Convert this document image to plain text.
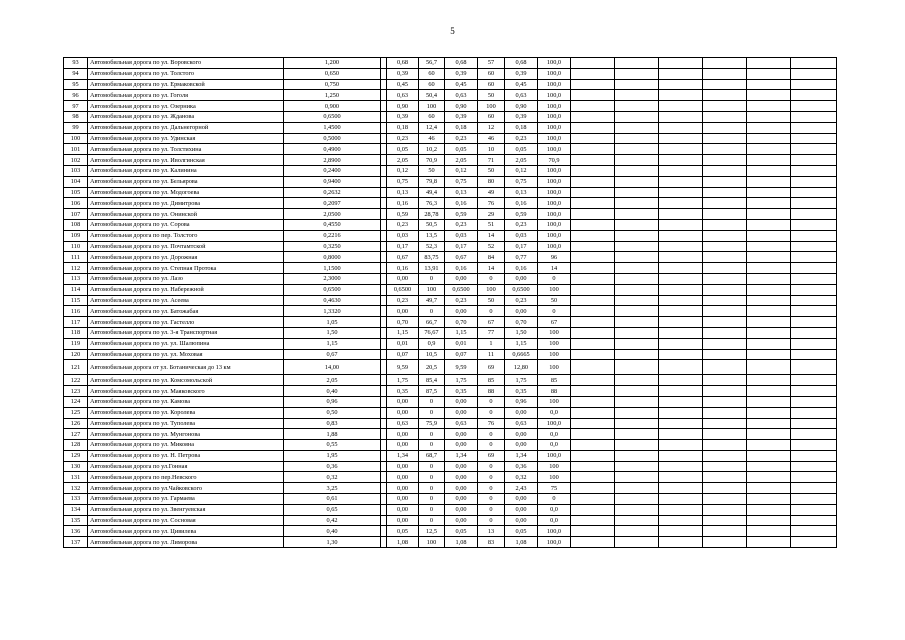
5
93	Автомобильная дорога по ул. Воровского	1,200		0,68	56,7	0,68	57	0,68	100,0						
94	Автомобильная дорога по ул. Толстого	0,650		0,39	60	0,39	60	0,39	100,0						
95	Автомобильная дорога по ул. Ермаковской	0,750		0,45	60	0,45	60	0,45	100,0						
96	Автомобильная дорога по ул. Гоголя	1,250		0,63	50,4	0,63	50	0,63	100,0						
97	Автомобильная дорога по ул. Озерника	0,900		0,90	100	0,90	100	0,90	100,0						
98	Автомобильная дорога по ул. Жданова	0,6500		0,39	60	0,39	60	0,39	100,0						
99	Автомобильная дорога по ул. Дальнегорной	1,4500		0,18	12,4	0,18	12	0,18	100,0						
100	Автомобильная дорога по ул. Удинская	0,5000		0,23	46	0,23	46	0,23	100,0						
101	Автомобильная дорога по ул. Толстихина	0,4900		0,05	10,2	0,05	10	0,05	100,0						
102	Автомобильная дорога по ул. Иволгинская	2,8900		2,05	70,9	2,05	71	2,05	70,9						
103	Автомобильная дорога по ул. Калинина	0,2400		0,12	50	0,12	50	0,12	100,0						
104	Автомобильная дорога по ул. Бельярова	0,9400		0,75	79,8	0,75	80	0,75	100,0						
105	Автомобильная дорога по ул. Модогоева	0,2632		0,13	49,4	0,13	49	0,13	100,0						
106	Автомобильная дорога по ул. Димитрова	0,2097		0,16	76,3	0,16	76	0,16	100,0						
107	Автомобильная дорога по ул. Онинской	2,0500		0,59	28,78	0,59	29	0,59	100,0						
108	Автомобильная дорога по ул. Сорова	0,4550		0,23	50,5	0,23	51	0,23	100,0						
109	Автомобильная дорога по пер. Толстого	0,2216		0,03	13,5	0,03	14	0,03	100,0						
110	Автомобильная дорога по ул. Почтамтской	0,3250		0,17	52,3	0,17	52	0,17	100,0						
111	Автомобильная дорога по ул. Дорожная	0,8000		0,67	83,75	0,67	84	0,77	96						
112	Автомобильная дорога по ул. Степная Протока	1,1500		0,16	13,91	0,16	14	0,16	14						
113	Автомобильная дорога по ул. Лазо	2,3000		0,00	0	0,00	0	0,00	0						
114	Автомобильная дорога по ул. Набережной	0,6500		0,6500	100	0,6500	100	0,6500	100						
115	Автомобильная дорога по ул. Асеева	0,4630		0,23	49,7	0,23	50	0,23	50						
116	Автомобильная дорога по ул. Батожабая	1,3320		0,00	0	0,00	0	0,00	0						
117	Автомобильная дорога по ул. Гастелло	1,05		0,70	66,7	0,70	67	0,70	67						
118	Автомобильная дорога по ул. 3-я Транспортная	1,50		1,15	76,67	1,15	77	1,50	100						
119	Автомобильная дорога по ул. ул. Шалюпина	1,15		0,01	0,9	0,01	1	1,15	100						
120	Автомобильная дорога по ул. ул. Моховая	0,67		0,07	10,5	0,07	11	0,6665	100						
121	Автомобильная дорога от ул. Ботаническая до 13 км	14,00		9,59	20,5	9,59	69	12,80	100						
122	Автомобильная дорога по ул. Комсомольской	2,05		1,75	85,4	1,75	85	1,75	85						
123	Автомобильная дорога по ул. Маяковского	0,40		0,35	87,5	0,35	88	0,35	88						
124	Автомобильная дорога по ул. Камова	0,96		0,00	0	0,00	0	0,96	100						
125	Автомобильная дорога по ул. Королева	0,50		0,00	0	0,00	0	0,00	0,0						
126	Автомобильная дорога по ул. Туполева	0,83		0,63	75,9	0,63	76	0,63	100,0						
127	Автомобильная дорога по ул. Мунгонова	1,88		0,00	0	0,00	0	0,00	0,0						
128	Автомобильная дорога по ул. Микояна	0,55		0,00	0	0,00	0	0,00	0,0						
129	Автомобильная дорога по ул. Н. Петрова	1,95		1,34	68,7	1,34	69	1,34	100,0						
130	Автомобильная дорога по ул.Гонная	0,36		0,00	0	0,00	0	0,36	100						
131	Автомобильная дорога по пер.Невского	0,32		0,00	0	0,00	0	0,32	100						
132	Автомобильная дорога по ул.Чайковского	3,25		0,00	0	0,00	0	2,43	75						
133	Автомобильная дорога по ул. Гармаева	0,61		0,00	0	0,00	0	0,00	0						
134	Автомобильная дорога по ул. Звенгуевская	0,65		0,00	0	0,00	0	0,00	0,0						
135	Автомобильная дорога по ул. Сосновая	0,42		0,00	0	0,00	0	0,00	0,0						
136	Автомобильная дорога по ул. Цивилева	0,40		0,05	12,5	0,05	13	0,05	100,0						
137	Автомобильная дорога по ул. Лиморова	1,30		1,08	100	1,08	83	1,08	100,0						
